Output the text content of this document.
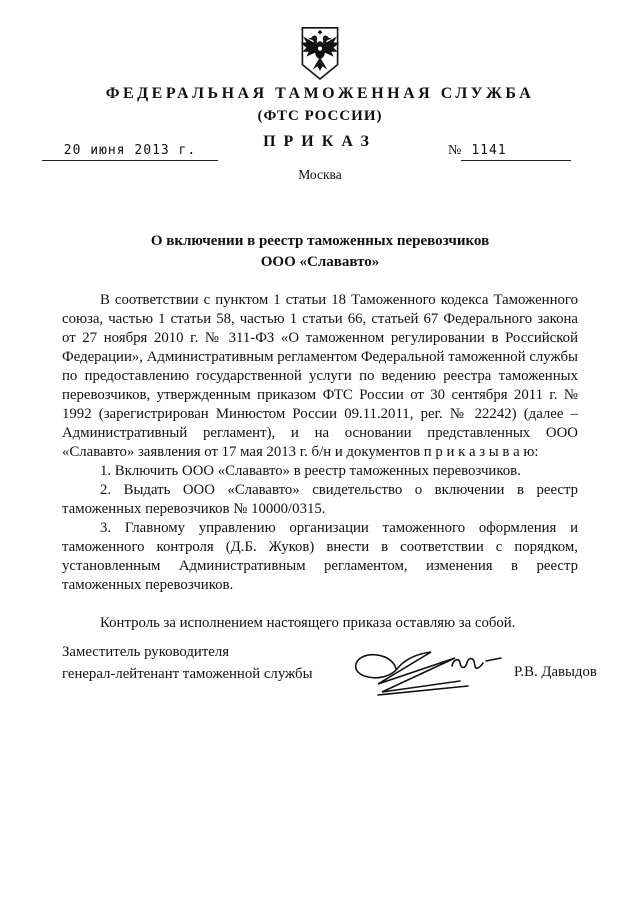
ФЕДЕРАЛЬНАЯ ТАМОЖЕННАЯ СЛУЖБА
(ФТС РОССИИ)
ПРИКАЗ
20 июня 2013 г.	№ 1141
Москва
О включении в реестр таможенных перевозчиков
ООО «Слававто»

В соответствии с пунктом 1 статьи 18 Таможенного кодекса Таможенного союза, частью 1 статьи 58, частью 1 статьи 66, статьей 67 Федерального закона от 27 ноября 2010 г. № 311-ФЗ «О таможенном регулировании в Российской Федерации», Административным регламентом Федеральной таможенной службы по предоставлению государственной услуги по ведению реестра таможенных перевозчиков, утвержденным приказом ФТС России от 30 сентября 2011 г. № 1992 (зарегистрирован Минюстом России 09.11.2011, рег. № 22242) (далее – Административный регламент), и на основании представленных ООО «Слававто» заявления от 17 мая 2013 г. б/н и документов п р и к а з ы в а ю:

1. Включить ООО «Слававто» в реестр таможенных перевозчиков.

2. Выдать ООО «Слававто» свидетельство о включении в реестр таможенных перевозчиков № 10000/0315.

3. Главному управлению организации таможенного оформления и таможенного контроля (Д.Б. Жуков) внести в соответствии с порядком, установленным Административным регламентом, изменения в реестр таможенных перевозчиков.

Контроль за исполнением настоящего приказа оставляю за собой.

Заместитель руководителя
генерал-лейтенант таможенной службы	Р.В. Давыдов
